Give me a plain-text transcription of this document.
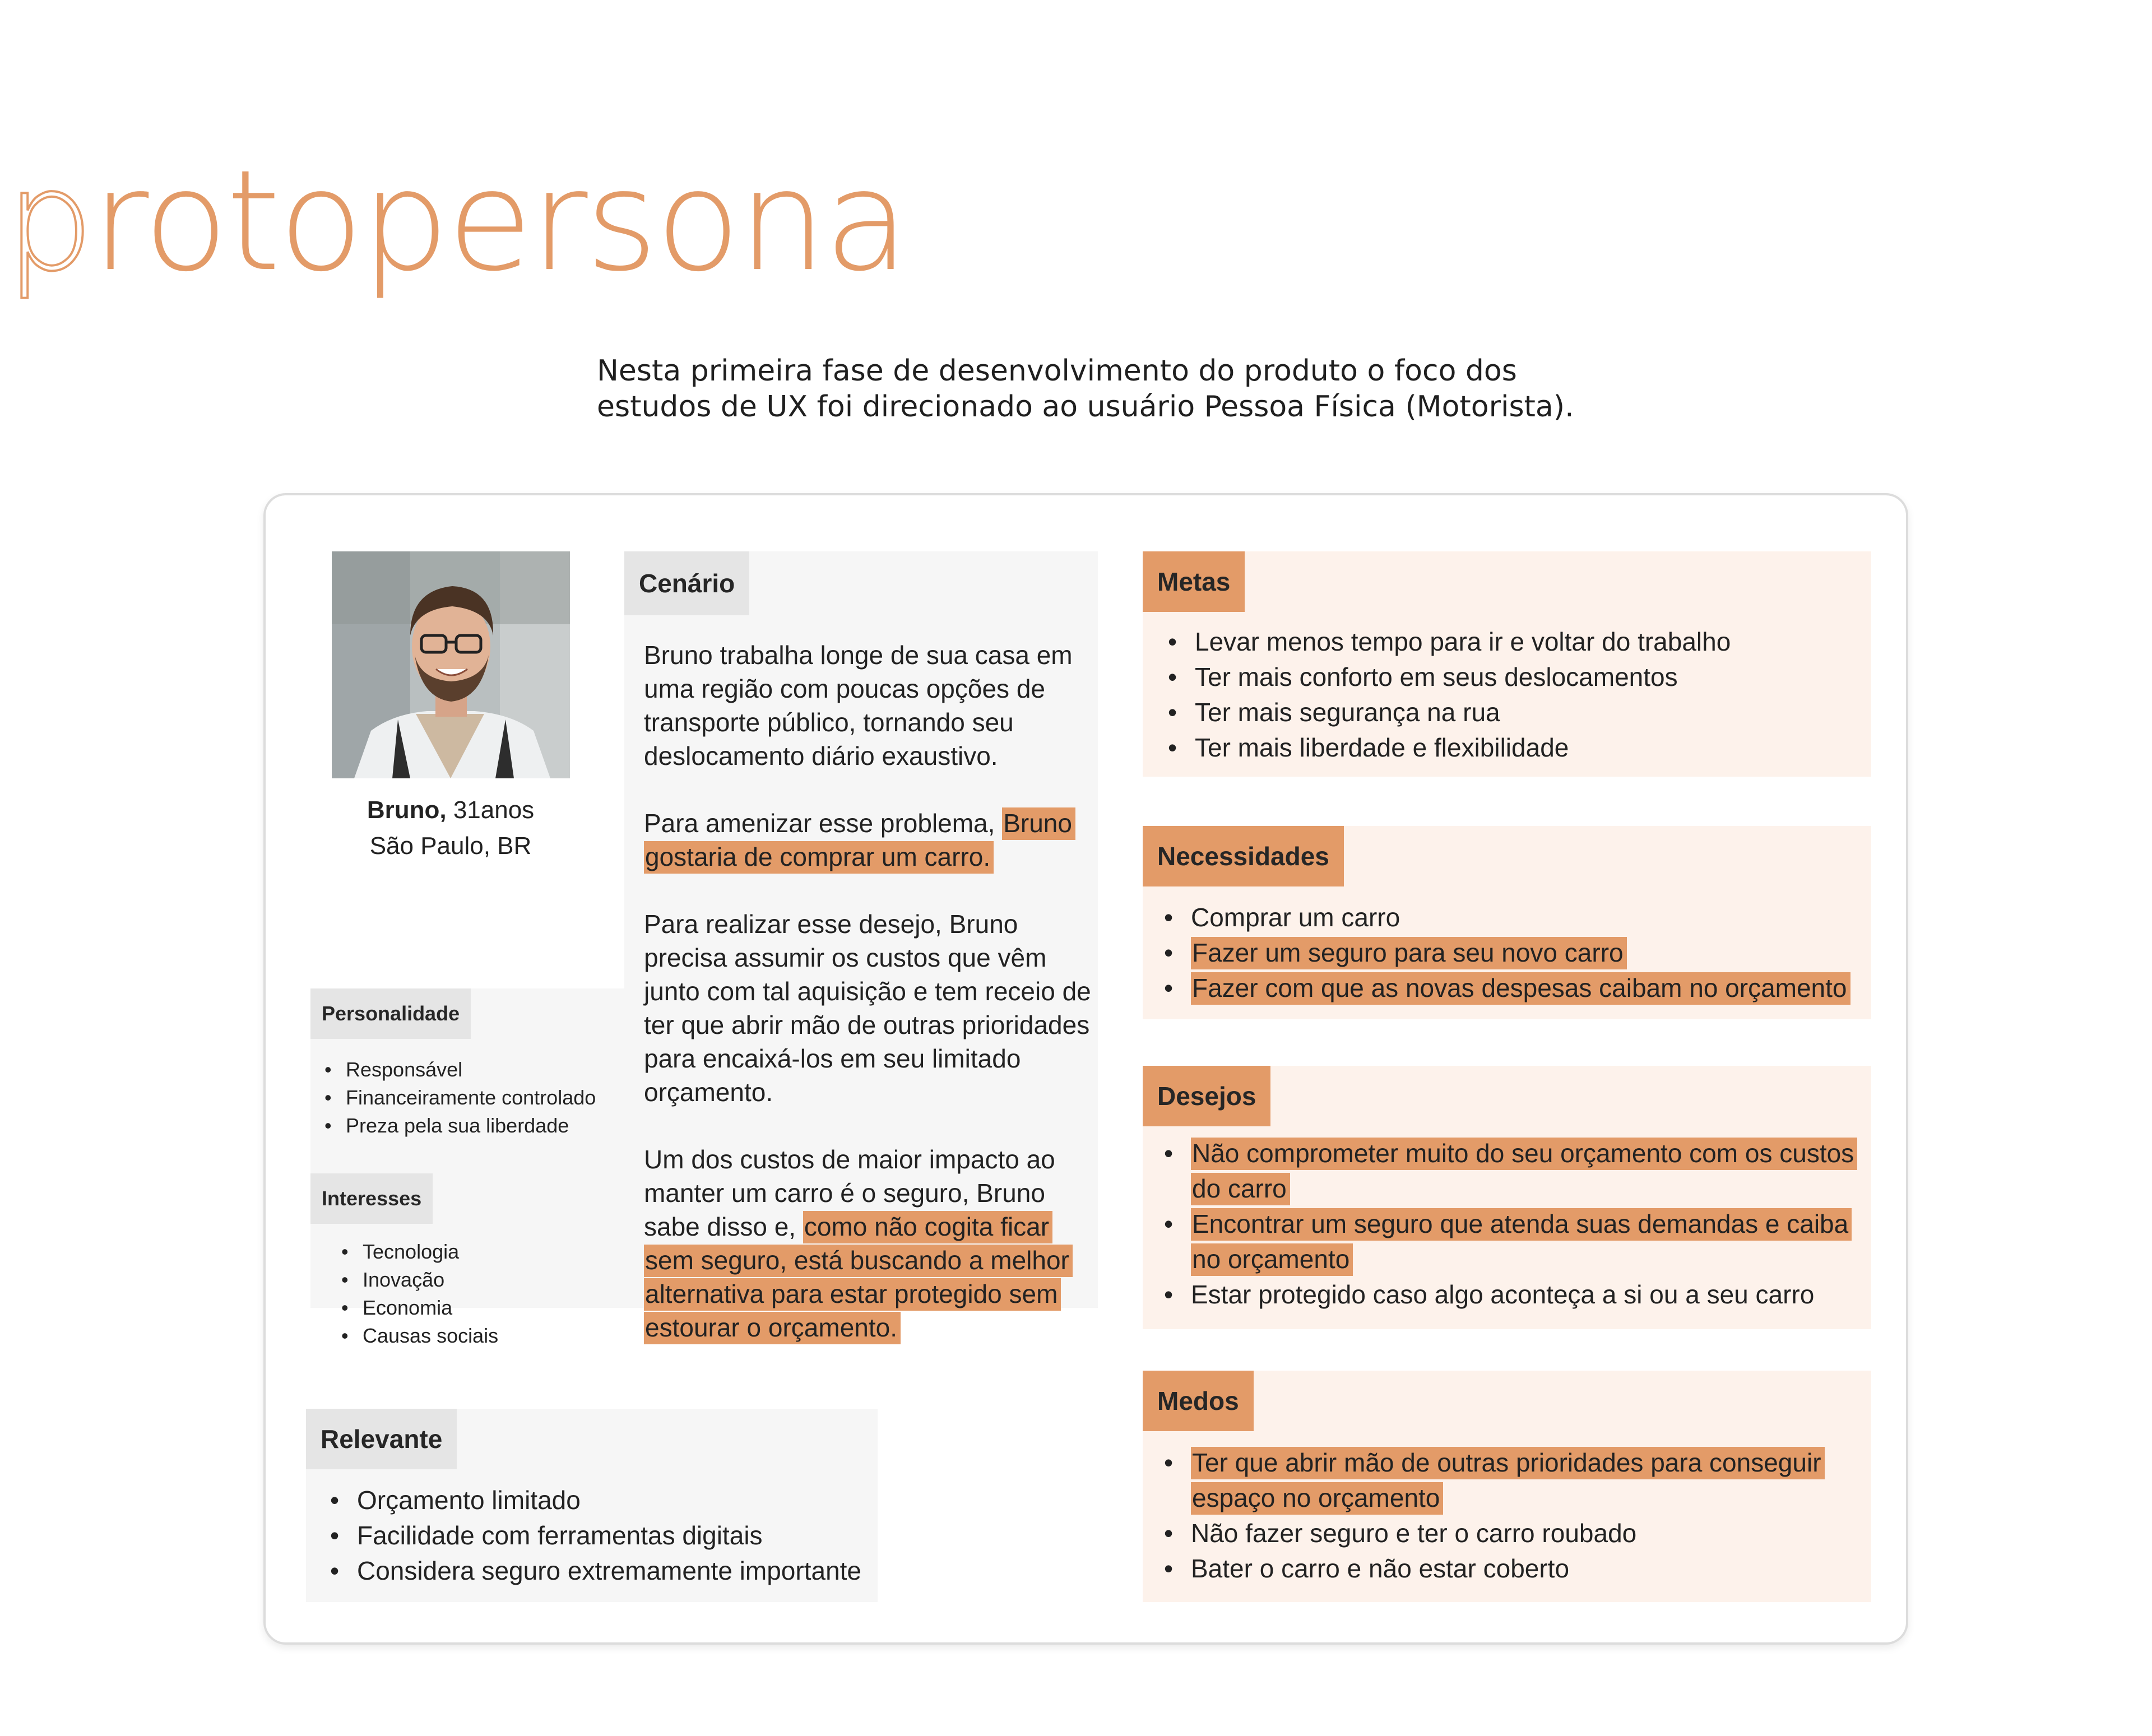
protopersona
Nesta primeira fase de desenvolvimento do produto o foco dos
estudos de UX foi direcionado ao usuário Pessoa Física (Motorista).
Bruno, 31anos
São Paulo, BR
Personalidade
• Responsável
• Financeiramente controlado
• Preza pela sua liberdade
Interesses
• Tecnologia
• Inovação
• Economia
• Causas sociais
Cenário

Bruno trabalha longe de sua casa em uma região com poucas opções de transporte público, tornando seu deslocamento diário exaustivo.

Para amenizar esse problema, Bruno gostaria de comprar um carro.

Para realizar esse desejo, Bruno precisa assumir os custos que vêm junto com tal aquisição e tem receio de ter que abrir mão de outras prioridades para encaixá-los em seu limitado orçamento.

Um dos custos de maior impacto ao manter um carro é o seguro, Bruno sabe disso e, como não cogita ficar sem seguro, está buscando a melhor alternativa para estar protegido sem estourar o orçamento.

Relevante
• Orçamento limitado
• Facilidade com ferramentas digitais
• Considera seguro extremamente importante
Metas
• Levar menos tempo para ir e voltar do trabalho
• Ter mais conforto em seus deslocamentos
• Ter mais segurança na rua
• Ter mais liberdade e flexibilidade
Necessidades
• Comprar um carro
• Fazer um seguro para seu novo carro
• Fazer com que as novas despesas caibam no orçamento
Desejos
• Não comprometer muito do seu orçamento com os custos
do carro
• Encontrar um seguro que atenda suas demandas e caiba
no orçamento
• Estar protegido caso algo aconteça a si ou a seu carro
Medos
• Ter que abrir mão de outras prioridades para conseguir
espaço no orçamento
• Não fazer seguro e ter o carro roubado
• Bater o carro e não estar coberto
